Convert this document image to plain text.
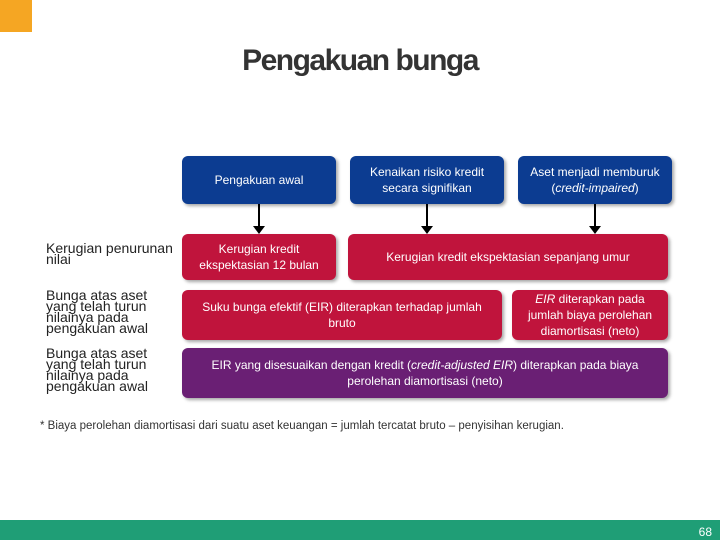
Pengakuan bunga
Pengakuan awal
Kenaikan risiko kredit secara signifikan
Aset menjadi memburuk
(credit-impaired)
Kerugian penurunan nilai
Bunga atas aset yang telah turun nilainya pada pengakuan awal
Bunga atas aset yang telah turun nilainya pada pengakuan awal
Kerugian kredit ekspektasian 12 bulan
Kerugian kredit ekspektasian sepanjang umur
Suku bunga efektif (EIR) diterapkan terhadap jumlah bruto
EIR diterapkan pada jumlah biaya perolehan diamortisasi (neto)
EIR yang disesuaikan dengan kredit (credit-adjusted EIR) diterapkan pada biaya perolehan diamortisasi (neto)
* Biaya perolehan diamortisasi dari suatu aset keuangan = jumlah tercatat bruto – penyisihan kerugian.
68
